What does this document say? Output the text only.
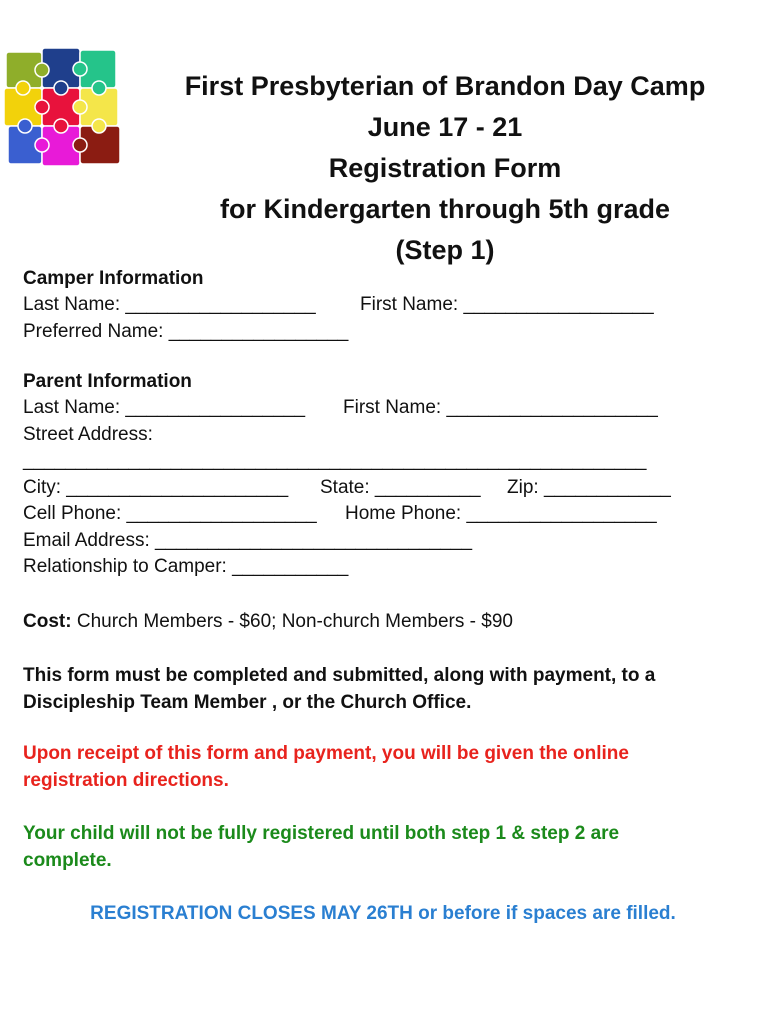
First Presbyterian of Brandon Day Camp
June 17 - 21
Registration Form
for Kindergarten through 5th grade
(Step 1)
Camper Information
Last Name: __________________ First Name: __________________
Preferred Name: _________________
Parent Information
Last Name: _________________ First Name: ____________________
Street Address:
___________________________________________________________
City: _____________________ State: __________ Zip: ____________
Cell Phone: __________________ Home Phone: __________________
Email Address: ______________________________
Relationship to Camper: ___________
Cost: Church Members - $60; Non-church Members - $90
This form must be completed and submitted, along with payment, to a Discipleship Team Member , or the Church Office.
Upon receipt of this form and payment, you will be given the online registration directions.
Your child will not be fully registered until both step 1 & step 2 are complete.
REGISTRATION CLOSES MAY 26TH or before if spaces are filled.
